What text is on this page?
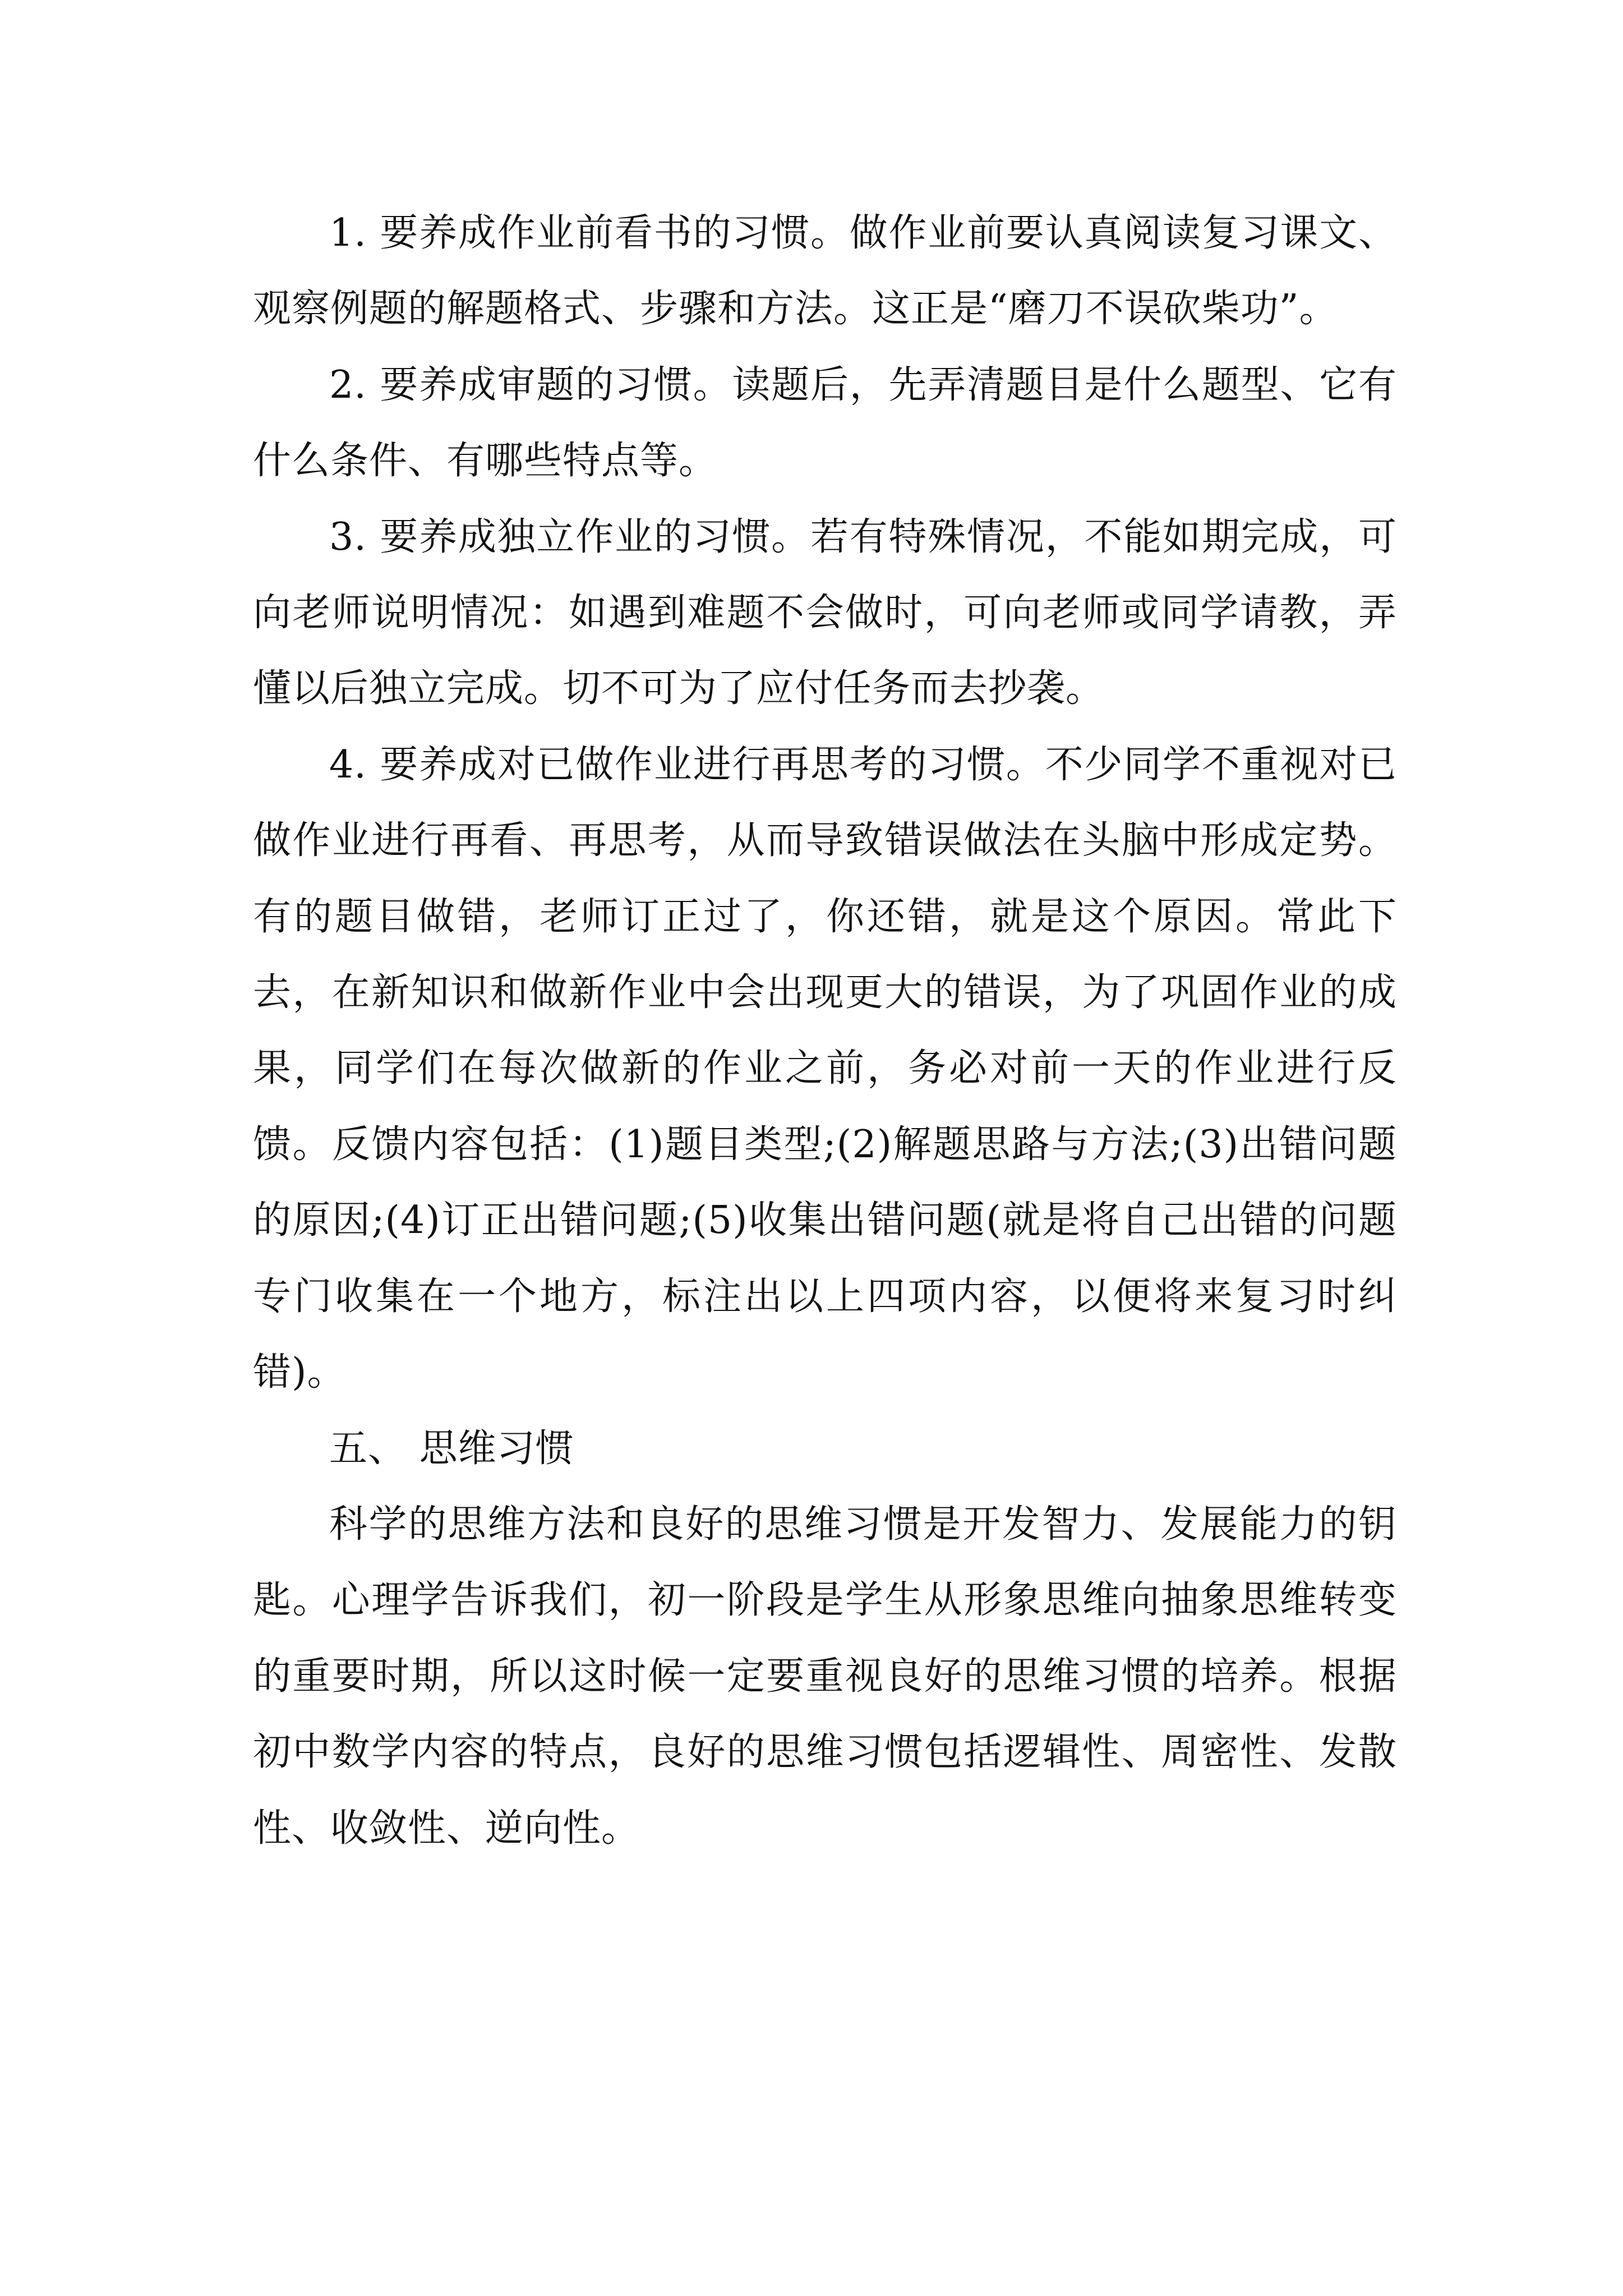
1. 要养成作业前看书的习惯。做作业前要认真阅读复习课文、观察例题的解题格式、步骤和方法。这正是“磨刀不误砍柴功”。

2. 要养成审题的习惯。读题后，先弄清题目是什么题型、它有什么条件、有哪些特点等。

3. 要养成独立作业的习惯。若有特殊情况，不能如期完成，可向老师说明情况：如遇到难题不会做时，可向老师或同学请教，弄懂以后独立完成。切不可为了应付任务而去抄袭。

4. 要养成对已做作业进行再思考的习惯。不少同学不重视对已做作业进行再看、再思考，从而导致错误做法在头脑中形成定势。有的题目做错，老师订正过了，你还错，就是这个原因。常此下去，在新知识和做新作业中会出现更大的错误，为了巩固作业的成果，同学们在每次做新的作业之前，务必对前一天的作业进行反馈。反馈内容包括：(1)题目类型;(2)解题思路与方法;(3)出错问题的原因;(4)订正出错问题;(5)收集出错问题(就是将自己出错的问题专门收集在一个地方，标注出以上四项内容，以便将来复习时纠错)。

五、 思维习惯

科学的思维方法和良好的思维习惯是开发智力、发展能力的钥匙。心理学告诉我们，初一阶段是学生从形象思维向抽象思维转变的重要时期，所以这时候一定要重视良好的思维习惯的培养。根据初中数学内容的特点，良好的思维习惯包括逻辑性、周密性、发散性、收敛性、逆向性。
